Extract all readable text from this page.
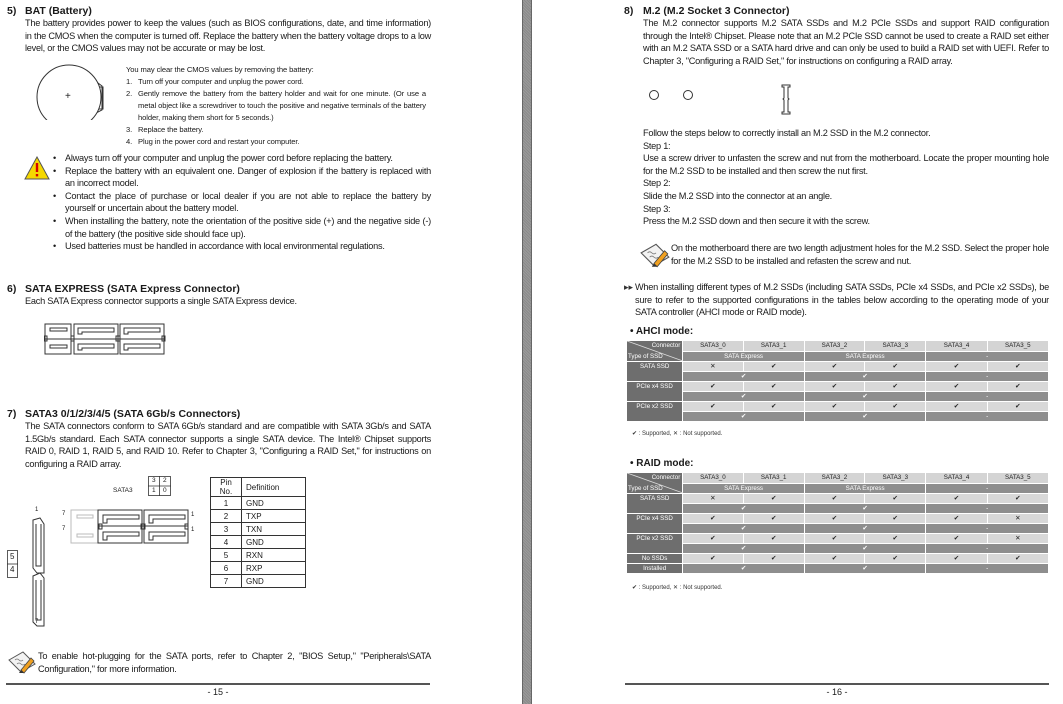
5) BAT (Battery)
The battery provides power to keep the values (such as BIOS configurations, date, and time information) in the CMOS when the computer is turned off. Replace the battery when the battery voltage drops to a low level, or the CMOS values may not be accurate or may be lost.
+
You may clear the CMOS values by removing the battery:
1. Turn off your computer and unplug the power cord.
2. Gently remove the battery from the battery holder and wait for one minute. (Or use a metal object like a screwdriver to touch the positive and negative terminals of the battery holder, making them short for 5 seconds.)
3. Replace the battery.
4. Plug in the power cord and restart your computer.
• Always turn off your computer and unplug the power cord before replacing the battery.
• Replace the battery with an equivalent one. Danger of explosion if the battery is replaced with an incorrect model.
• Contact the place of purchase or local dealer if you are not able to replace the battery by yourself or uncertain about the battery model.
• When installing the battery, note the orientation of the positive side (+) and the negative side (-) of the battery (the positive side should face up).
• Used batteries must be handled in accordance with local environmental regulations.
6) SATA EXPRESS (SATA Express Connector)
Each SATA Express connector supports a single SATA Express device.
7) SATA3 0/1/2/3/4/5 (SATA 6Gb/s Connectors)
The SATA connectors conform to SATA 6Gb/s standard and are compatible with SATA 3Gb/s and SATA 1.5Gb/s standard. Each SATA connector supports a single SATA device. The Intel® Chipset supports RAID 0, RAID 1, RAID 5, and RAID 10. Refer to Chapter 3, "Configuring a RAID Set," for instructions on configuring a RAID array.
SATA3
3 2
1 0
1
7
7
7
1
1
5
4
Pin No.	Definition
1	GND
2	TXP
3	TXN
4	GND
5	RXN
6	RXP
7	GND
To enable hot-plugging for the SATA ports, refer to Chapter 2, "BIOS Setup," "Peripherals\SATA Configuration," for more information.
- 15 -
8) M.2 (M.2 Socket 3 Connector)
The M.2 connector supports M.2 SATA SSDs and M.2 PCIe SSDs and support RAID configuration through the Intel® Chipset. Please note that an M.2 PCIe SSD cannot be used to create a RAID set either with an M.2 SATA SSD or a SATA hard drive and can only be used to build a RAID set with UEFI. Refer to Chapter 3, "Configuring a RAID Set," for instructions on configuring a RAID array.
Follow the steps below to correctly install an M.2 SSD in the M.2 connector.
Step 1:
Use a screw driver to unfasten the screw and nut from the motherboard. Locate the proper mounting hole for the M.2 SSD to be installed and then screw the nut first.
Step 2:
Slide the M.2 SSD into the connector at an angle.
Step 3:
Press the M.2 SSD down and then secure it with the screw.
On the motherboard there are two length adjustment holes for the M.2 SSD. Select the proper hole for the M.2 SSD to be installed and refasten the screw and nut.
▸▸ When installing different types of M.2 SSDs (including SATA SSDs, PCIe x4 SSDs, and PCIe x2 SSDs), be sure to refer to the supported configurations in the tables below according to the operating mode of your SATA controller (AHCI mode or RAID mode).
• AHCI mode:
Connector
Type of SSD	SATA3_0	SATA3_1	SATA3_2	SATA3_3	SATA3_4	SATA3_5
	SATA Express		SATA Express		-	
SATA SSD	✕	✔	✔	✔	✔	✔
	✔		✔		-	
PCIe x4 SSD	✔	✔	✔	✔	✔	✔
	✔		✔		-	
PCIe x2 SSD	✔	✔	✔	✔	✔	✔
	✔		✔		-	
✔ : Supported, ✕ : Not supported.
• RAID mode:
Connector
Type of SSD	SATA3_0	SATA3_1	SATA3_2	SATA3_3	SATA3_4	SATA3_5
	SATA Express		SATA Express		-	
SATA SSD	✕	✔	✔	✔	✔	✔
	✔		✔		-	
PCIe x4 SSD	✔	✔	✔	✔	✔	✕
	✔		✔		-	
PCIe x2 SSD	✔	✔	✔	✔	✔	✕
	✔		✔		-	
No SSDs	✔	✔	✔	✔	✔	✔
Installed	✔		✔		-	
✔ : Supported, ✕ : Not supported.
- 16 -
